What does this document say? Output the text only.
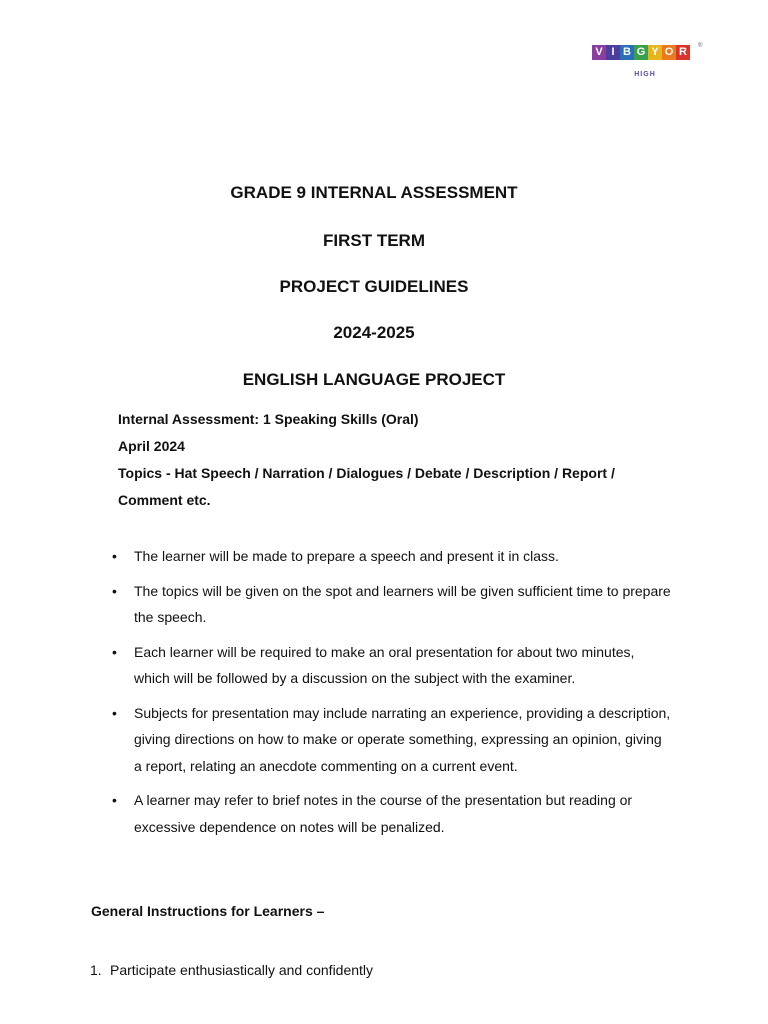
V I B G Y O R	®
HIGH
GRADE 9 INTERNAL ASSESSMENT
FIRST TERM
PROJECT GUIDELINES
2024-2025
ENGLISH LANGUAGE PROJECT

Internal Assessment: 1 Speaking Skills (Oral)

April 2024

Topics - Hat Speech / Narration / Dialogues / Debate / Description / Report /

Comment etc.

• The learner will be made to prepare a speech and present it in class.
• The topics will be given on the spot and learners will be given sufficient time to prepare the speech.
• Each learner will be required to make an oral presentation for about two minutes, which will be followed by a discussion on the subject with the examiner.
• Subjects for presentation may include narrating an experience, providing a description, giving directions on how to make or operate something, expressing an opinion, giving a report, relating an anecdote commenting on a current event.
• A learner may refer to brief notes in the course of the presentation but reading or excessive dependence on notes will be penalized.

General Instructions for Learners –

1. Participate enthusiastically and confidently
